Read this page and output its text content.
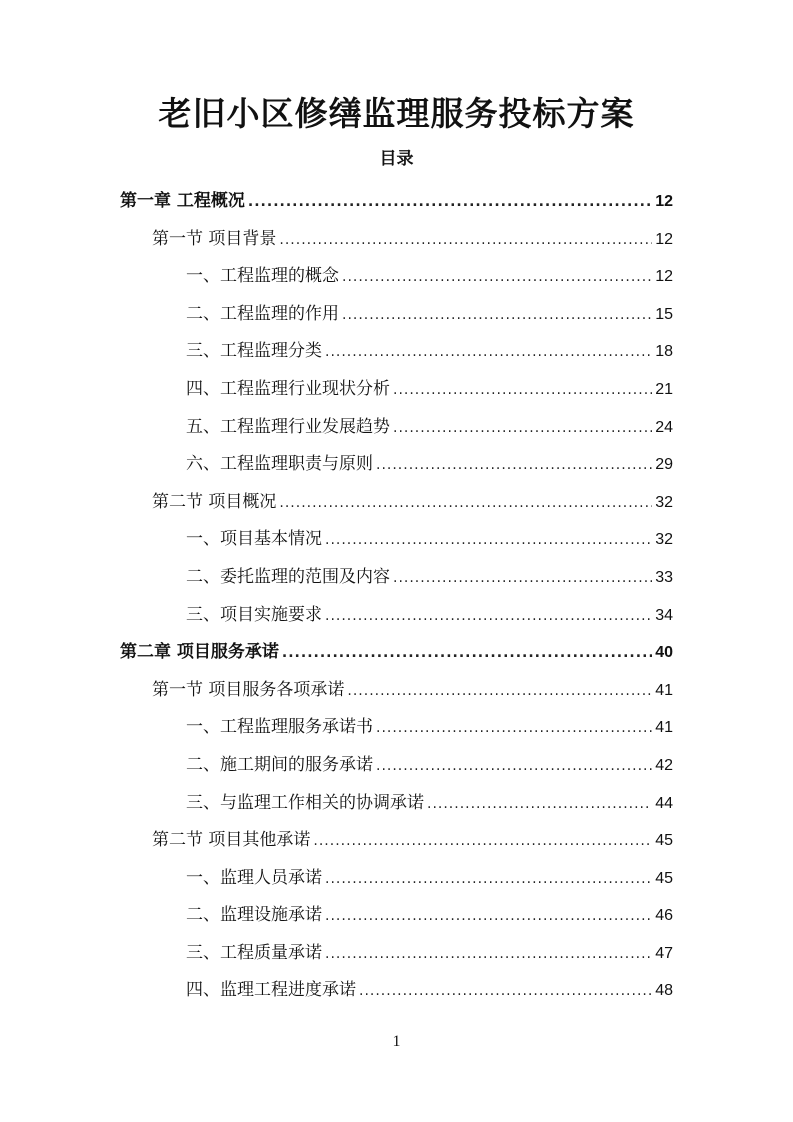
老旧小区修缮监理服务投标方案
目录
第一章 工程概况 .....	12
第一节 项目背景 .....	12
一、工程监理的概念 .....	12
二、工程监理的作用 .....	15
三、工程监理分类 .....	18
四、工程监理行业现状分析 .....	21
五、工程监理行业发展趋势 .....	24
六、工程监理职责与原则 .....	29
第二节 项目概况 .....	32
一、项目基本情况 .....	32
二、委托监理的范围及内容 .....	33
三、项目实施要求 .....	34
第二章 项目服务承诺 .....	40
第一节 项目服务各项承诺 .....	41
一、工程监理服务承诺书 .....	41
二、施工期间的服务承诺 .....	42
三、与监理工作相关的协调承诺 .....	44
第二节 项目其他承诺 .....	45
一、监理人员承诺 .....	45
二、监理设施承诺 .....	46
三、工程质量承诺 .....	47
四、监理工程进度承诺 .....	48
1
